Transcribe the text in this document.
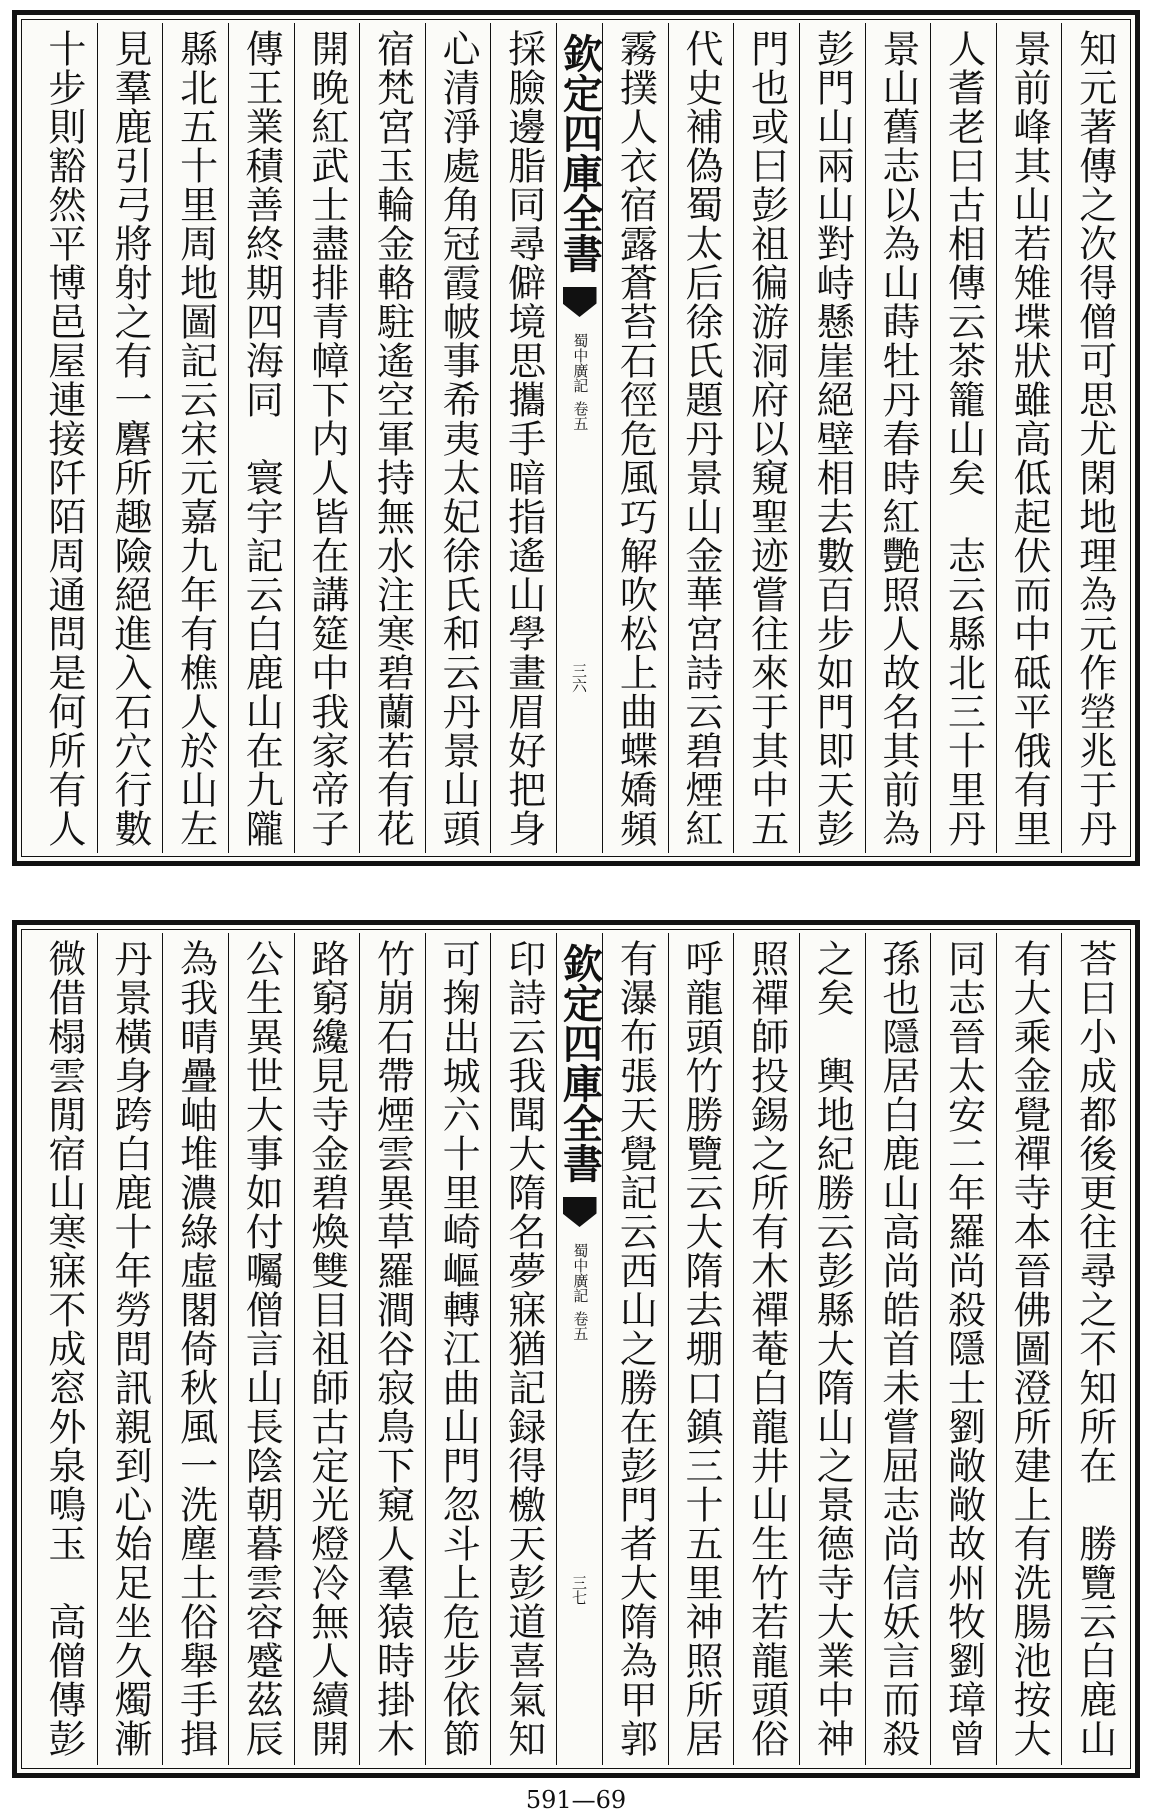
知元著傳之次得僧可思尤閑地理為元作塋兆于丹
景前峰其山若雉堞狀雖高低起伏而中砥平俄有里
人耆老曰古相傳云茶籠山矣　志云縣北三十里丹
景山舊志以為山蒔牡丹春時紅艷照人故名其前為
彭門山兩山對峙懸崖絕壁相去數百步如門即天彭
門也或曰彭祖徧游洞府以窺聖迹嘗往來于其中五
代史補偽蜀太后徐氏題丹景山金華宮詩云碧煙紅
霧撲人衣宿露蒼苔石徑危風巧解吹松上曲蝶嬌頻
欽定四庫全書
蜀中廣記
卷五
三六
採臉邊脂同尋僻境思攜手暗指遙山學畫眉好把身
心清淨處角冠霞帔事希夷太妃徐氏和云丹景山頭
宿梵宮玉輪金輅駐遙空軍持無水注寒碧蘭若有花
開晚紅武士盡排青幛下内人皆在講筵中我家帝子
傳王業積善終期四海同　寰宇記云白鹿山在九隴
縣北五十里周地圖記云宋元嘉九年有樵人於山左
見羣鹿引弓將射之有一麏所趣險絕進入石穴行數
十步則豁然平博邑屋連接阡陌周通問是何所有人
荅曰小成都後更往尋之不知所在　勝覽云白鹿山
有大乘金覺禪寺本晉佛圖澄所建上有洗腸池按大
同志晉太安二年羅尚殺隱士劉敞敞故州牧劉璋曾
孫也隱居白鹿山高尚皓首未嘗屈志尚信妖言而殺
之矣　輿地紀勝云彭縣大隋山之景德寺大業中神
照禪師投錫之所有木禪菴白龍井山生竹若龍頭俗
呼龍頭竹勝覽云大隋去堋口鎮三十五里神照所居
有瀑布張天覺記云西山之勝在彭門者大隋為甲郭
欽定四庫全書
蜀中廣記
卷五
三七
印詩云我聞大隋名夢寐猶記録得檄天彭道喜氣知
可掬出城六十里崎嶇轉江曲山門忽斗上危步依節
竹崩石帶煙雲異草羅澗谷寂鳥下窺人羣猿時掛木
路窮纔見寺金碧煥雙目祖師古定光燈冷無人續開
公生異世大事如付囑僧言山長陰朝暮雲容蹙茲辰
為我晴疊岫堆濃綠虛閣倚秋風一洗塵土俗舉手揖
丹景橫身跨白鹿十年勞問訊親到心始足坐久燭漸
微借榻雲閒宿山寒寐不成窓外泉鳴玉　高僧傳彭
591—69
